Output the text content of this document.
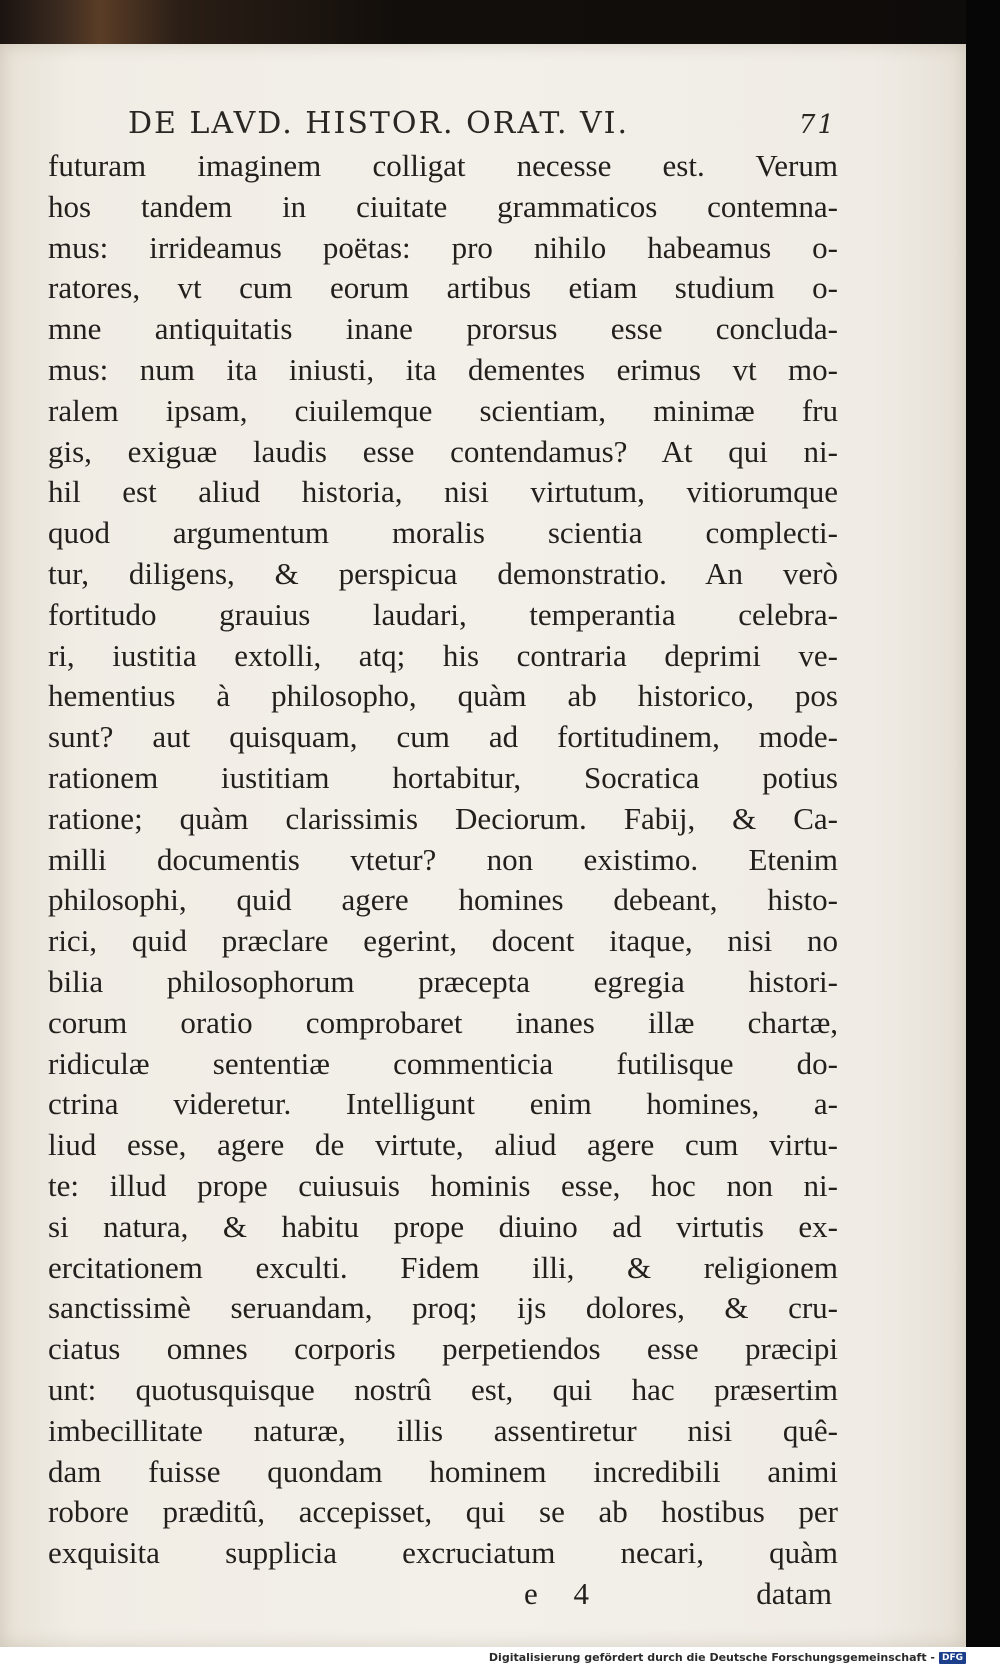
DE LAVD. HISTOR. ORAT. VI.	71
futuram imaginem colligat necesse est. Verum
hos tandem in ciuitate grammaticos contemna-
mus: irrideamus poëtas: pro nihilo habeamus o-
ratores, vt cum eorum artibus etiam studium o-
mne antiquitatis inane prorsus esse concluda-
mus: num ita iniusti, ita dementes erimus vt mo-
ralem ipsam, ciuilemque scientiam, minimæ fru
gis, exiguæ laudis esse contendamus? At qui ni-
hil est aliud historia, nisi virtutum, vitiorumque
quod argumentum moralis scientia complecti-
tur, diligens, & perspicua demonstratio. An verò
fortitudo grauius laudari, temperantia celebra-
ri, iustitia extolli, atq; his contraria deprimi ve-
hementius à philosopho, quàm ab historico, pos
sunt? aut quisquam, cum ad fortitudinem, mode-
rationem iustitiam hortabitur, Socratica potius
ratione; quàm clarissimis Deciorum. Fabij, & Ca-
milli documentis vtetur? non existimo. Etenim
philosophi, quid agere homines debeant, histo-
rici, quid præclare egerint, docent itaque, nisi no
bilia philosophorum præcepta egregia histori-
corum oratio comprobaret inanes illæ chartæ,
ridiculæ sententiæ commenticia futilisque do-
ctrina videretur. Intelligunt enim homines, a-
liud esse, agere de virtute, aliud agere cum virtu-
te: illud prope cuiusuis hominis esse, hoc non ni-
si natura, & habitu prope diuino ad virtutis ex-
ercitationem exculti. Fidem illi, & religionem
sanctissimè seruandam, proq; ijs dolores, & cru-
ciatus omnes corporis perpetiendos esse præcipi
unt: quotusquisque nostrû est, qui hac præsertim
imbecillitate naturæ, illis assentiretur nisi quê-
dam fuisse quondam hominem incredibili animi
robore præditû, accepisset, qui se ab hostibus per
exquisita supplicia excruciatum necari, quàm
e 4	datam
Digitalisierung gefördert durch die Deutsche Forschungsgemeinschaft - DFG
